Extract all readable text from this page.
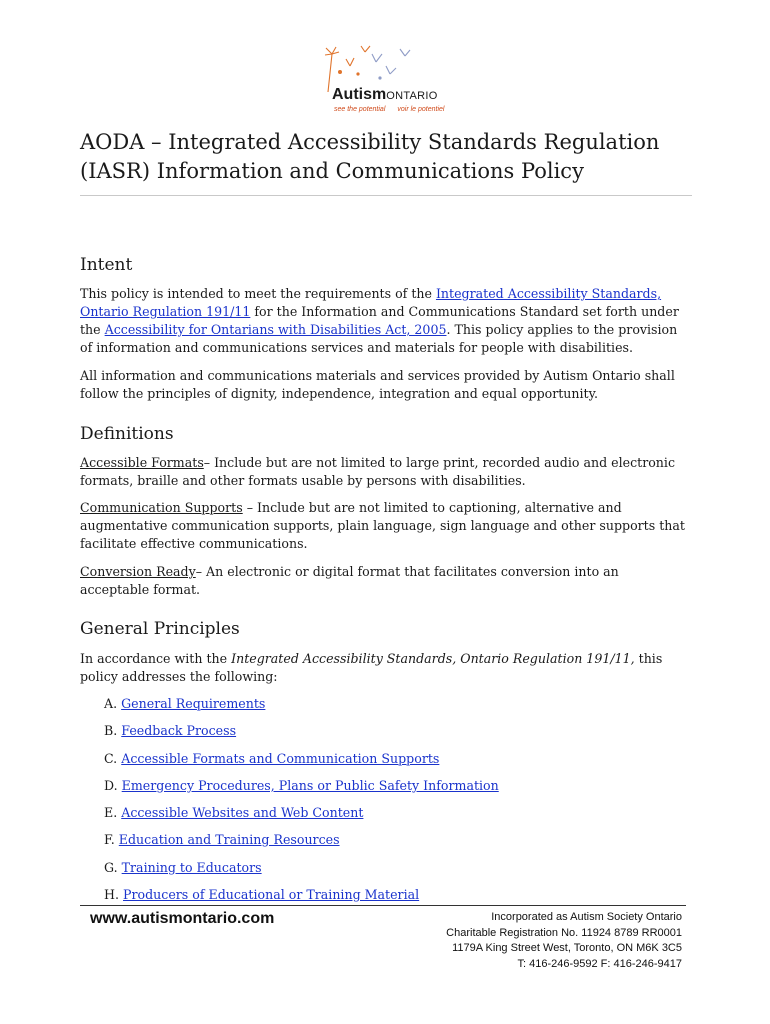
AutismONTARIO
see the potential voir le potentiel
AODA – Integrated Accessibility Standards Regulation (IASR) Information and Communications Policy
Intent

This policy is intended to meet the requirements of the Integrated Accessibility Standards, Ontario Regulation 191/11 for the Information and Communications Standard set forth under the Accessibility for Ontarians with Disabilities Act, 2005. This policy applies to the provision of information and communications services and materials for people with disabilities.

All information and communications materials and services provided by Autism Ontario shall follow the principles of dignity, independence, integration and equal opportunity.

Definitions

Accessible Formats– Include but are not limited to large print, recorded audio and electronic formats, braille and other formats usable by persons with disabilities.

Communication Supports – Include but are not limited to captioning, alternative and augmentative communication supports, plain language, sign language and other supports that facilitate effective communications.

Conversion Ready– An electronic or digital format that facilitates conversion into an acceptable format.

General Principles

In accordance with the Integrated Accessibility Standards, Ontario Regulation 191/11, this policy addresses the following:

A. General Requirements
B. Feedback Process
C. Accessible Formats and Communication Supports
D. Emergency Procedures, Plans or Public Safety Information
E. Accessible Websites and Web Content
F. Education and Training Resources
G. Training to Educators
H. Producers of Educational or Training Material
www.autismontario.com	Incorporated as Autism Society Ontario
Charitable Registration No. 11924 8789 RR0001
1179A King Street West, Toronto, ON M6K 3C5
T: 416-246-9592 F: 416-246-9417
